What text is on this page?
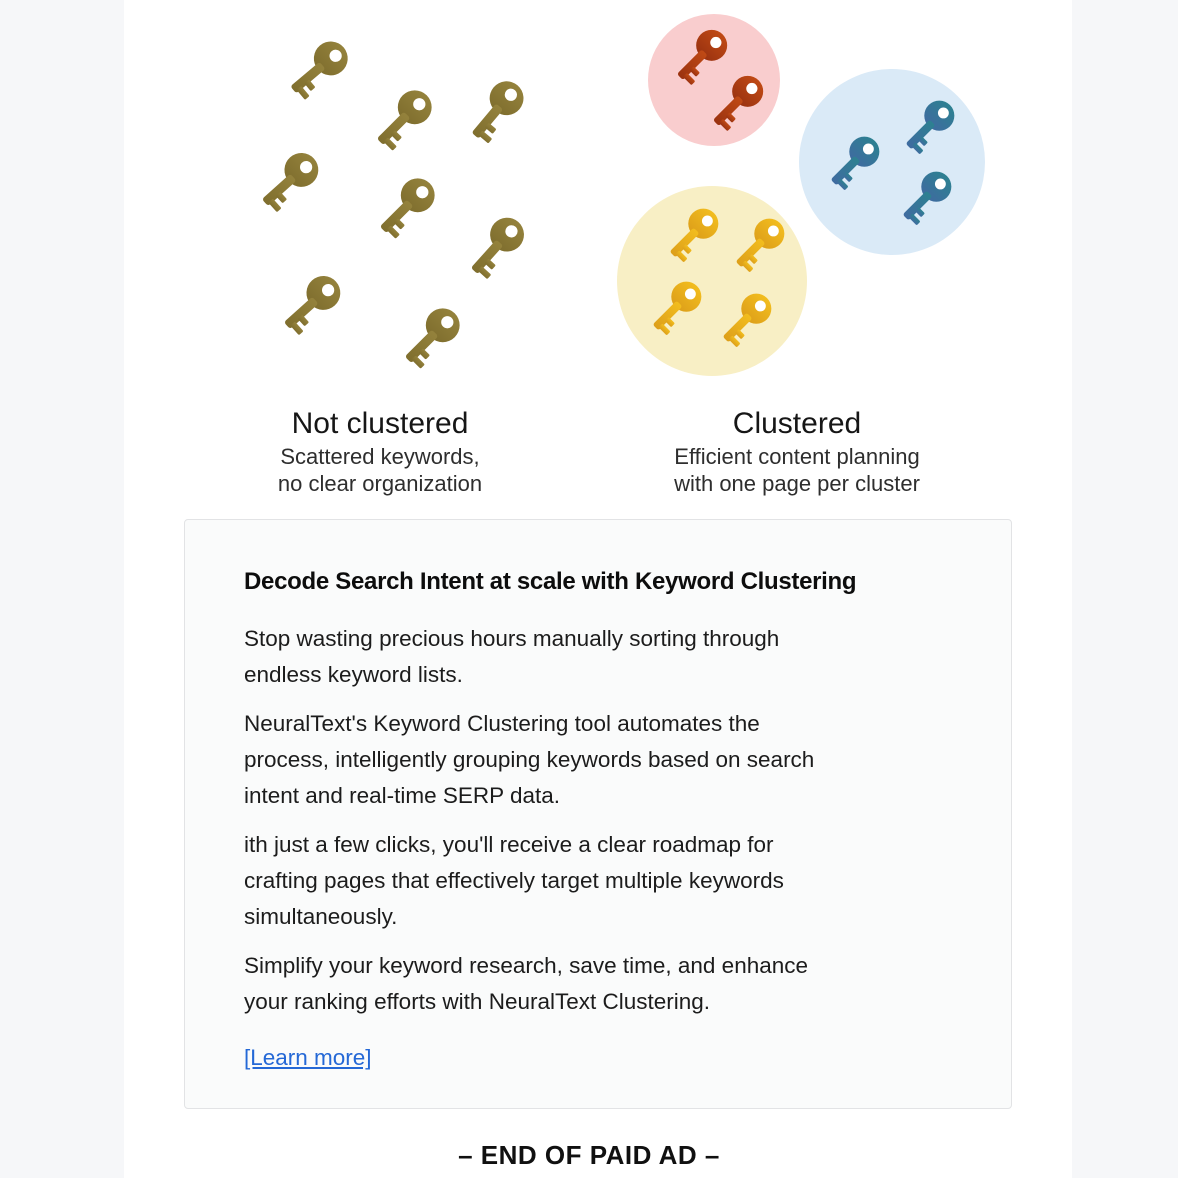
Not clustered
Scattered keywords,
no clear organization
Clustered
Efficient content planning
with one page per cluster
Decode Search Intent at scale with Keyword Clustering

Stop wasting precious hours manually sorting through
endless keyword lists.

NeuralText's Keyword Clustering tool automates the
process, intelligently grouping keywords based on search
intent and real-time SERP data.

ith just a few clicks, you'll receive a clear roadmap for
crafting pages that effectively target multiple keywords
simultaneously.

Simplify your keyword research, save time, and enhance
your ranking efforts with NeuralText Clustering.

[Learn more]
– END OF PAID AD –
